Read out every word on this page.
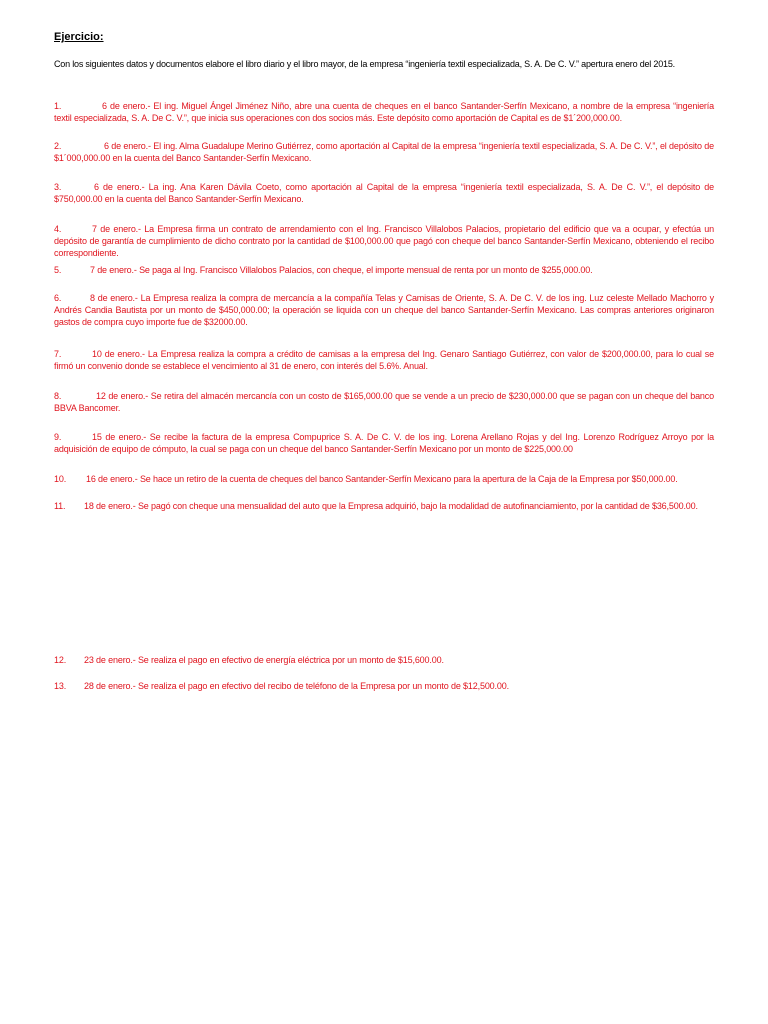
Ejercicio:
Con los siguientes datos y documentos elabore el libro diario y el libro mayor, de la empresa “ingeniería textil especializada, S. A. De C. V.” apertura enero del 2015.
1.	6 de enero.- El ing. Miguel Ángel Jiménez Niño, abre una cuenta de cheques en el banco Santander-Serfín Mexicano, a nombre de la empresa “ingeniería textil especializada, S. A. De C. V.”, que inicia sus operaciones con dos socios más. Este depósito como aportación de Capital es de $1´200,000.00.
2.	6 de enero.- El ing. Alma Guadalupe Merino Gutiérrez, como aportación al Capital de la empresa “ingeniería textil especializada, S. A. De C. V.”, el depósito de $1´000,000.00 en la cuenta del Banco Santander-Serfín Mexicano.
3.	6 de enero.- La ing. Ana Karen Dávila Coeto, como aportación al Capital de la empresa “ingeniería textil especializada, S. A. De C. V.”, el depósito de $750,000.00 en la cuenta del Banco Santander-Serfín Mexicano.
4.	7 de enero.- La Empresa firma un contrato de arrendamiento con el Ing. Francisco Villalobos Palacios, propietario del edificio que va a ocupar, y efectúa un depósito de garantía de cumplimiento de dicho contrato por la cantidad de $100,000.00 que pagó con cheque del banco Santander-Serfín Mexicano, obteniendo el recibo correspondiente.
5.	7 de enero.- Se paga al Ing. Francisco Villalobos Palacios, con cheque, el importe mensual de renta por un monto de $255,000.00.
6.	8 de enero.- La Empresa realiza la compra de mercancía a la compañía Telas y Camisas de Oriente, S. A. De C. V. de los ing. Luz celeste Mellado Machorro y Andrés Candia Bautista por un monto de $450,000.00; la operación se liquida con un cheque del banco Santander-Serfín Mexicano. Las compras anteriores originaron gastos de compra cuyo importe fue de $32000.00.
7.	10 de enero.- La Empresa realiza la compra a crédito de camisas a la empresa del Ing. Genaro Santiago Gutiérrez, con valor de $200,000.00, para lo cual se firmó un convenio donde se establece el vencimiento al 31 de enero, con interés del 5.6%. Anual.
8.	12 de enero.- Se retira del almacén mercancía con un costo de $165,000.00 que se vende a un precio de $230,000.00 que se pagan con un cheque del banco BBVA Bancomer.
9.	15 de enero.- Se recibe la factura de la empresa Compuprice S. A. De C. V. de los ing. Lorena Arellano Rojas y del Ing. Lorenzo Rodríguez Arroyo por la adquisición de equipo de cómputo, la cual se paga con un cheque del banco Santander-Serfín Mexicano por un monto de $225,000.00
10. 16 de enero.- Se hace un retiro de la cuenta de cheques del banco Santander-Serfín Mexicano para la apertura de la Caja de la Empresa por $50,000.00.
11. 18 de enero.- Se pagó con cheque una mensualidad del auto que la Empresa adquirió, bajo la modalidad de autofinanciamiento, por la cantidad de $36,500.00.
12. 23 de enero.- Se realiza el pago en efectivo de energía eléctrica por un monto de $15,600.00.
13. 28 de enero.- Se realiza el pago en efectivo del recibo de teléfono de la Empresa por un monto de $12,500.00.
